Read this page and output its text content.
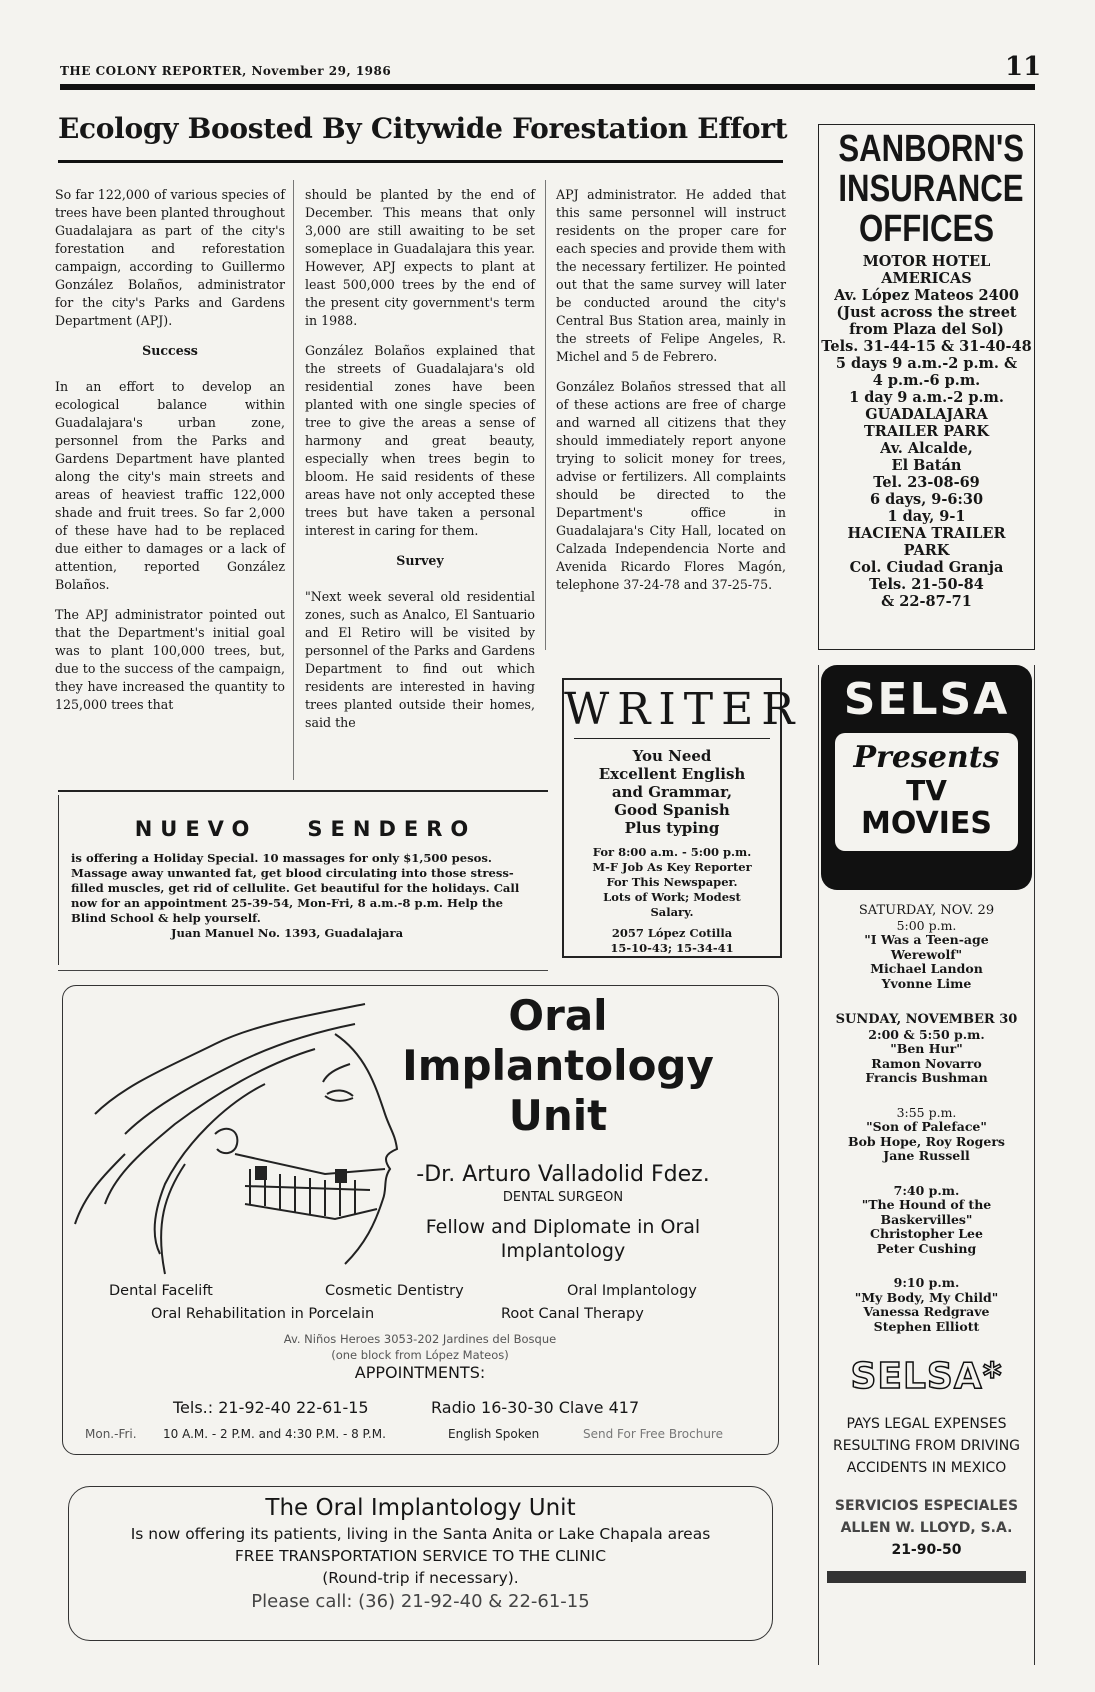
THE COLONY REPORTER, November 29, 1986	11
Ecology Boosted By Citywide Forestation Effort

So far 122,000 of various species of trees have been planted throughout Guadalajara as part of the city's forestation and reforestation campaign, according to Guillermo González Bolaños, administrator for the city's Parks and Gardens Department (APJ).

Success

In an effort to develop an ecological balance within Guadalajara's urban zone, personnel from the Parks and Gardens Department have planted along the city's main streets and areas of heaviest traffic 122,000 shade and fruit trees. So far 2,000 of these have had to be replaced due either to damages or a lack of attention, reported González Bolaños.

The APJ administrator pointed out that the Department's initial goal was to plant 100,000 trees, but, due to the success of the campaign, they have increased the quantity to 125,000 trees that

should be planted by the end of December. This means that only 3,000 are still awaiting to be set someplace in Guadalajara this year. However, APJ expects to plant at least 500,000 trees by the end of the present city government's term in 1988.

González Bolaños explained that the streets of Guadalajara's old residential zones have been planted with one single species of tree to give the areas a sense of harmony and great beauty, especially when trees begin to bloom. He said residents of these areas have not only accepted these trees but have taken a personal interest in caring for them.

Survey

"Next week several old residential zones, such as Analco, El Santuario and El Retiro will be visited by personnel of the Parks and Gardens Department to find out which residents are interested in having trees planted outside their homes, said the

APJ administrator. He added that this same personnel will instruct residents on the proper care for each species and provide them with the necessary fertilizer. He pointed out that the same survey will later be conducted around the city's Central Bus Station area, mainly in the streets of Felipe Angeles, R. Michel and 5 de Febrero.

González Bolaños stressed that all of these actions are free of charge and warned all citizens that they should immediately report anyone trying to solicit money for trees, advise or fertilizers. All complaints should be directed to the Department's office in Guadalajara's City Hall, located on Calzada Independencia Norte and Avenida Ricardo Flores Magón, telephone 37-24-78 and 37-25-75.

SANBORN'S
INSURANCE
OFFICES
MOTOR HOTEL
AMERICAS
Av. López Mateos 2400
(Just across the street
from Plaza del Sol)
Tels. 31-44-15 & 31-40-48
5 days 9 a.m.-2 p.m. &
4 p.m.-6 p.m.
1 day 9 a.m.-2 p.m.
GUADALAJARA
TRAILER PARK
Av. Alcalde,
El Batán
Tel. 23-08-69
6 days, 9-6:30
1 day, 9-1
HACIENA TRAILER
PARK
Col. Ciudad Granja
Tels. 21-50-84
& 22-87-71
WRITER
You Need
Excellent English
and Grammar,
Good Spanish
Plus typing
For 8:00 a.m. - 5:00 p.m.
M-F Job As Key Reporter
For This Newspaper.
Lots of Work; Modest
Salary.
2057 López Cotilla
15-10-43; 15-34-41
NUEVO SENDERO
is offering a Holiday Special. 10 massages for only $1,500 pesos. Massage away unwanted fat, get blood circulating into those stress-filled muscles, get rid of cellulite. Get beautiful for the holidays. Call now for an appointment 25-39-54, Mon-Fri, 8 a.m.-8 p.m. Help the Blind School & help yourself.
Juan Manuel No. 1393, Guadalajara
Oral
Implantology
Unit
-Dr. Arturo Valladolid Fdez.
DENTAL SURGEON
Fellow and Diplomate in Oral
Implantology
Dental Facelift	Cosmetic Dentistry	Oral Implantology
Oral Rehabilitation in Porcelain	Root Canal Therapy
Av. Niños Heroes 3053-202 Jardines del Bosque
(one block from López Mateos)
APPOINTMENTS:
Tels.: 21-92-40 22-61-15	Radio 16-30-30 Clave 417
Mon.-Fri. 10 A.M. - 2 P.M. and 4:30 P.M. - 8 P.M.	English Spoken	Send For Free Brochure
The Oral Implantology Unit
Is now offering its patients, living in the Santa Anita or Lake Chapala areas
FREE TRANSPORTATION SERVICE TO THE CLINIC
(Round-trip if necessary).
Please call: (36) 21-92-40 & 22-61-15
SELSA
Presents
TV
MOVIES
SATURDAY, NOV. 29
5:00 p.m.
"I Was a Teen-age
Werewolf"
Michael Landon
Yvonne Lime
SUNDAY, NOVEMBER 30
2:00 & 5:50 p.m.
"Ben Hur"
Ramon Novarro
Francis Bushman
3:55 p.m.
"Son of Paleface"
Bob Hope, Roy Rogers
Jane Russell
7:40 p.m.
"The Hound of the
Baskervilles"
Christopher Lee
Peter Cushing
9:10 p.m.
"My Body, My Child"
Vanessa Redgrave
Stephen Elliott
SELSA*
PAYS LEGAL EXPENSES
RESULTING FROM DRIVING
ACCIDENTS IN MEXICO
SERVICIOS ESPECIALES
ALLEN W. LLOYD, S.A.
21-90-50
